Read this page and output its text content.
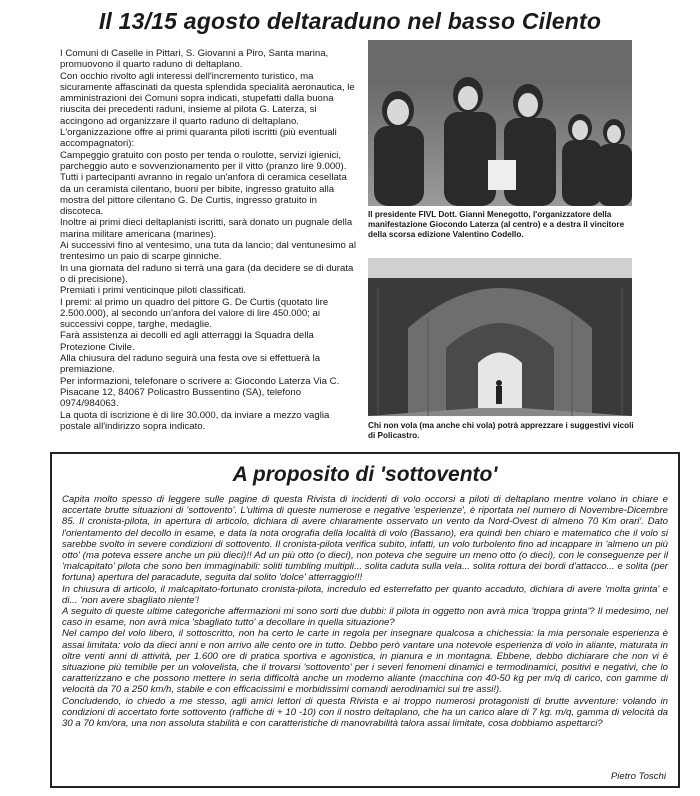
Il 13/15 agosto deltaraduno nel basso Cilento

I Comuni di Caselle in Pittari, S. Giovanni a Piro, Santa marina, promuovono il quarto raduno di deltaplano.

Con occhio rivolto agli interessi dell'incremento turistico, ma sicuramente affascinati da questa splendida specialità aeronautica, le amministrazioni dei Comuni sopra indicati, stupefatti dalla buona riuscita dei precedenti raduni, insieme al pilota G. Laterza, si accingono ad organizzare il quarto raduno di deltaplano.

L'organizzazione offre ai primi quaranta piloti iscritti (più eventuali accompagnatori):

Campeggio gratuito con posto per tenda o roulotte, servizi igienici, parcheggio auto e sovvenzionamento per il vitto (pranzo lire 9.000).

Tutti i partecipanti avranno in regalo un'anfora di ceramica cesellata da un ceramista cilentano, buoni per bibite, ingresso gratuito alla mostra del pittore cilentano G. De Curtis, ingresso gratuito in discoteca.

Inoltre ai primi dieci deltaplanisti iscritti, sarà donato un pugnale della marina militare americana (marines).

Ai successivi fino al ventesimo, una tuta da lancio; dal ventunesimo al trentesimo un paio di scarpe ginniche.

In una giornata del raduno si terrà una gara (da decidere se di durata o di precisione).

Premiati i primi venticinque piloti classificati.

I premi: al primo un quadro del pittore G. De Curtis (quotato lire 2.500.000), al secondo un'anfora del valore di lire 450.000; ai successivi coppe, targhe, medaglie.

Farà assistenza ai decolli ed agli atterraggi la Squadra della Protezione Civile.

Alla chiusura del raduno seguirà una festa ove si effettuerà la premiazione.

Per informazioni, telefonare o scrivere a: Giocondo Laterza Via C. Pisacane 12, 84067 Policastro Bussentino (SA), telefono 0974/984063.

La quota di iscrizione è di lire 30.000, da inviare a mezzo vaglia postale all'indirizzo sopra indicato.

Il presidente FIVL Dott. Gianni Menegotto, l'organizzatore della manifestazione Giocondo Laterza (al centro) e a destra il vincitore della scorsa edizione Valentino Codello.
Chi non vola (ma anche chi vola) potrà apprezzare i suggestivi vicoli di Policastro.
A proposito di 'sottovento'

Capita molto spesso di leggere sulle pagine di questa Rivista di incidenti di volo occorsi a piloti di deltaplano mentre volano in chiare e accertate brutte situazioni di 'sottovento'. L'ultima di queste numerose e negative 'esperienze', è riportata nel numero di Novembre-Dicembre 85. Il cronista-pilota, in apertura di articolo, dichiara di avere chiaramente osservato un vento da Nord-Ovest di almeno 70 Km orari'. Dato l'orientamento del decollo in esame, e data la nota orografia della località di volo (Bassano), era quindi ben chiaro e matematico che il volo si sarebbe svolto in severe condizioni di sottovento. Il cronista-pilota verifica subito, infatti, un volo turbolento fino ad incappare in 'almeno un più otto' (ma poteva essere anche un più dieci)!! Ad un più otto (o dieci), non poteva che seguire un meno otto (o dieci), con le conseguenze per il 'malcapitato' pilota che sono ben immaginabili: soliti tumbling multipli... solita caduta sulla vela... solita rottura dei bordi d'attacco... e solita (per fortuna) apertura del paracadute, seguita dal solito 'dolce' atterraggio!!!

In chiusura di articolo, il malcapitato-fortunato cronista-pilota, incredulo ed esterrefatto per quanto accaduto, dichiara di avere 'molta grinta' e di... 'non avere sbagliato niente'!

A seguito di queste ultime categoriche affermazioni mi sono sorti due dubbi: il pilota in oggetto non avrà mica 'troppa grinta'? Il medesimo, nel caso in esame, non avrà mica 'sbagliato tutto' a decollare in quella situazione?

Nel campo del volo libero, il sottoscritto, non ha certo le carte in regola per insegnare qualcosa a chichessia: la mia personale esperienza è assai limitata: volo da dieci anni e non arrivo alle cento ore in tutto. Debbo però vantare una notevole esperienza di volo in aliante, maturata in oltre venti anni di attività, per 1.600 ore di pratica sportiva e agonistica, in pianura e in montagna. Ebbene, debbo dichiarare che non vi è situazione più temibile per un volovelista, che il trovarsi 'sottovento' per i severi fenomeni dinamici e termodinamici, positivi e negativi, che lo caratterizzano e che possono mettere in seria difficoltà anche un moderno aliante (macchina con 40-50 kg per m/q di carico, con gamme di velocità da 70 a 250 km/h, stabile e con efficacissimi e morbidissimi comandi aerodinamici sui tre assi!).

Concludendo, io chiedo a me stesso, agli amici lettori di questa Rivista e ai troppo numerosi protagonisti di brutte avventure: volando in condizioni di accertato forte sottovento (raffiche di + 10 -10) con il nostro deltaplano, che ha un carico alare di 7 kg. m/q, gamma di velocità da 30 a 70 km/ora, una non assoluta stabilità e con caratteristiche di manovrabilità talora assai limitate, cosa dobbiamo aspettarci?

Pietro Toschi
